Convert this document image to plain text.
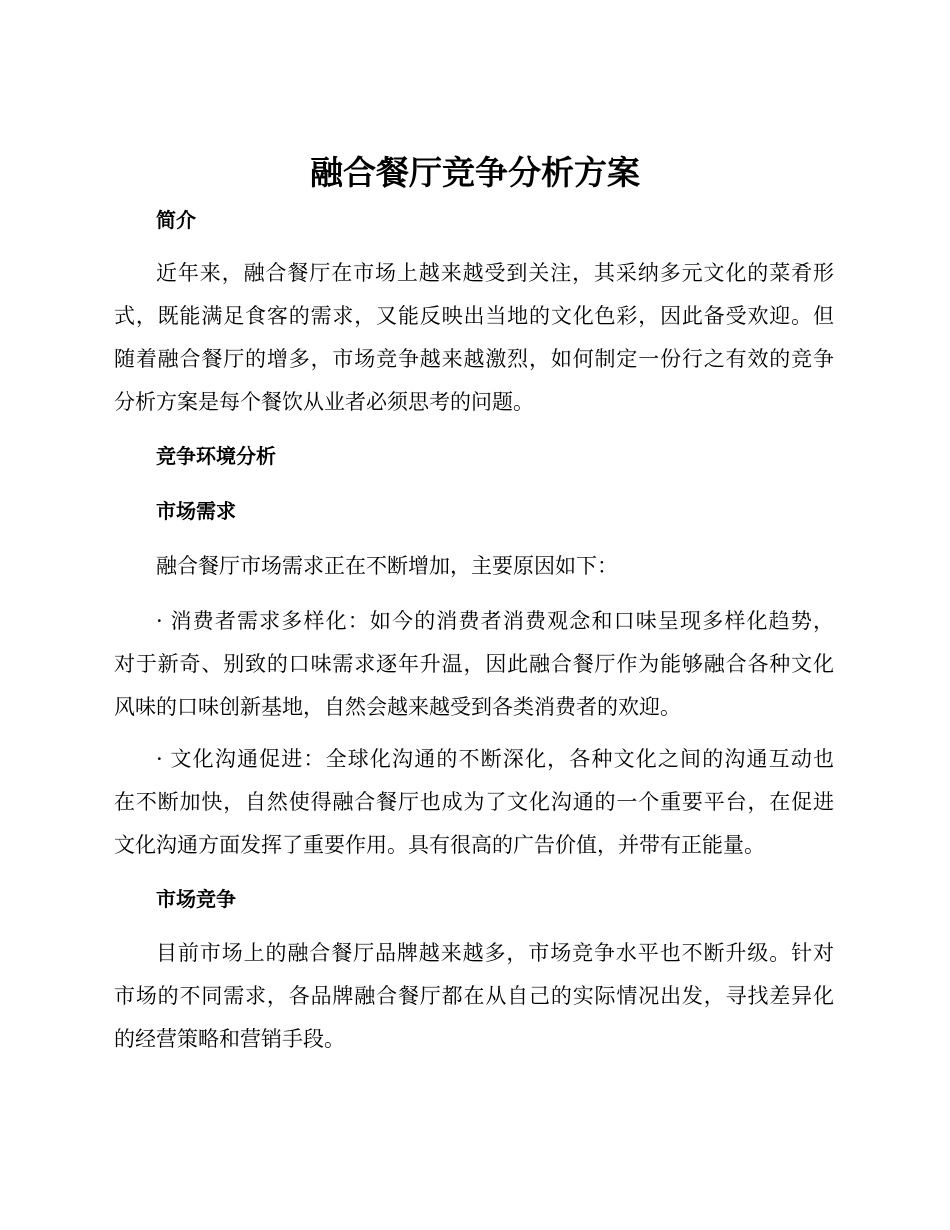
融合餐厅竞争分析方案
简介

近年来，融合餐厅在市场上越来越受到关注，其采纳多元文化的菜肴形
式，既能满足食客的需求，又能反映出当地的文化色彩，因此备受欢迎。但
随着融合餐厅的增多，市场竞争越来越激烈，如何制定一份行之有效的竞争
分析方案是每个餐饮从业者必须思考的问题。

竞争环境分析
市场需求

融合餐厅市场需求正在不断增加，主要原因如下：

· 消费者需求多样化：如今的消费者消费观念和口味呈现多样化趋势，
对于新奇、别致的口味需求逐年升温，因此融合餐厅作为能够融合各种文化
风味的口味创新基地，自然会越来越受到各类消费者的欢迎。

· 文化沟通促进：全球化沟通的不断深化，各种文化之间的沟通互动也
在不断加快，自然使得融合餐厅也成为了文化沟通的一个重要平台，在促进
文化沟通方面发挥了重要作用。具有很高的广告价值，并带有正能量。

市场竞争

目前市场上的融合餐厅品牌越来越多，市场竞争水平也不断升级。针对
市场的不同需求，各品牌融合餐厅都在从自己的实际情况出发，寻找差异化
的经营策略和营销手段。
